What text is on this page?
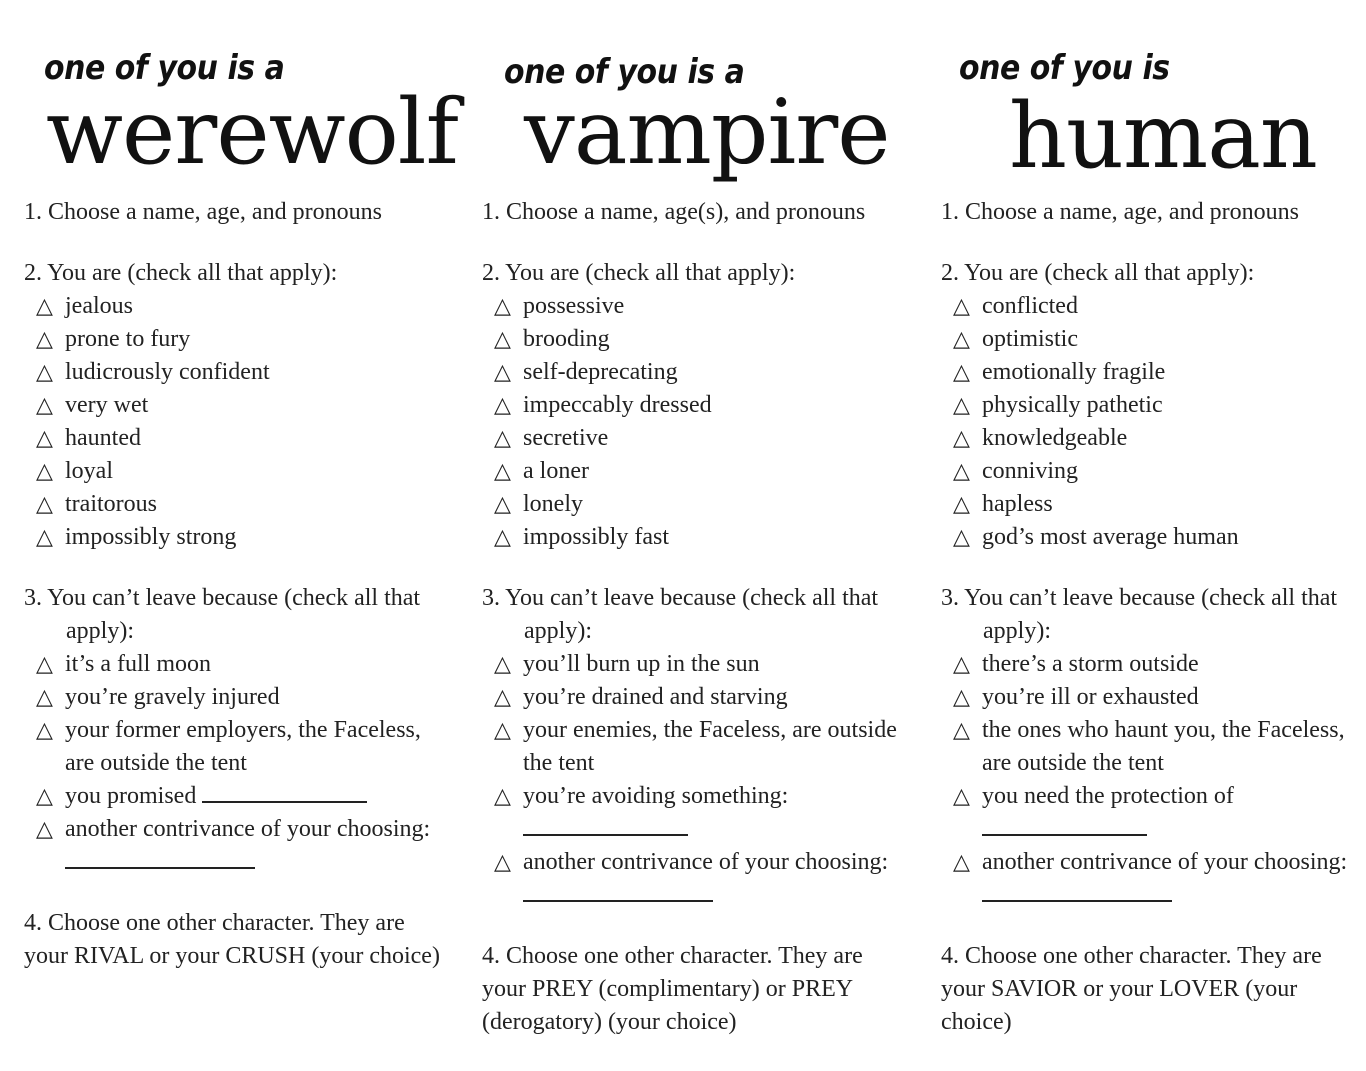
one of you is a
werewolf

1. Choose a name, age, and pronouns

2. You are (check all that apply):

△ jealous
△ prone to fury
△ ludicrously confident
△ very wet
△ haunted
△ loyal
△ traitorous
△ impossibly strong

3. You can’t leave because (check all that apply):

△ it’s a full moon
△ you’re gravely injured
△ your former employers, the Faceless, are outside the tent
△ you promised
△ another contrivance of your choosing:

4. Choose one other character. They are your RIVAL or your CRUSH (your choice)

one of you is a
vampire

1. Choose a name, age(s), and pronouns

2. You are (check all that apply):

△ possessive
△ brooding
△ self-deprecating
△ impeccably dressed
△ secretive
△ a loner
△ lonely
△ impossibly fast

3. You can’t leave because (check all that apply):

△ you’ll burn up in the sun
△ you’re drained and starving
△ your enemies, the Faceless, are outside the tent
△ you’re avoiding something:

△ another contrivance of your choosing:

4. Choose one other character. They are your PREY (complimentary) or PREY (derogatory) (your choice)

one of you is
human

1. Choose a name, age, and pronouns

2. You are (check all that apply):

△ conflicted
△ optimistic
△ emotionally fragile
△ physically pathetic
△ knowledgeable
△ conniving
△ hapless
△ god’s most average human

3. You can’t leave because (check all that apply):

△ there’s a storm outside
△ you’re ill or exhausted
△ the ones who haunt you, the Faceless, are outside the tent
△ you need the protection of

△ another contrivance of your choosing:

4. Choose one other character. They are your SAVIOR or your LOVER (your choice)
